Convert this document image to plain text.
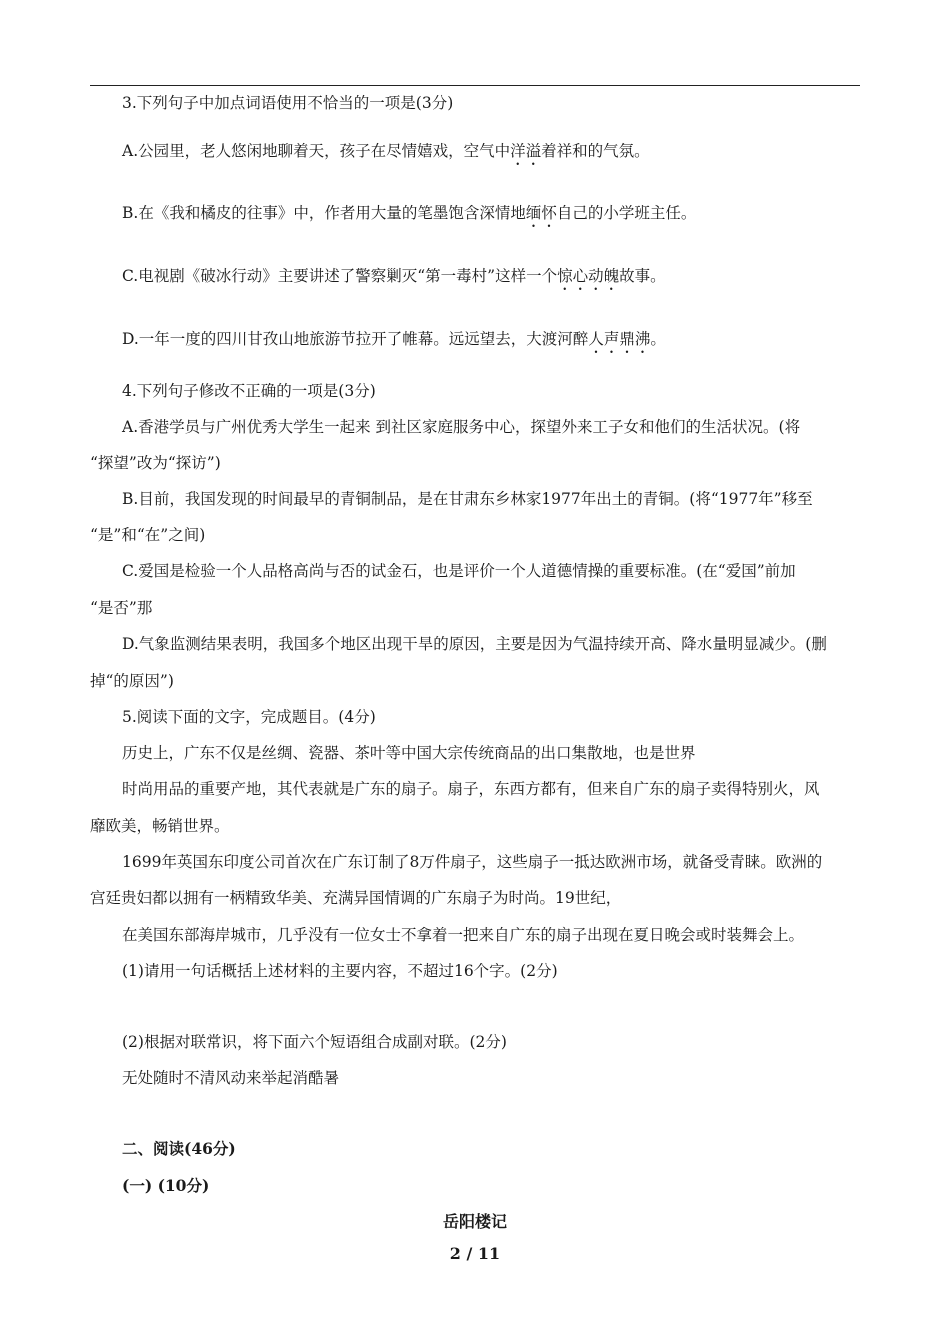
3.下列句子中加点词语使用不恰当的一项是(3分)
A.公园里，老人悠闲地聊着天，孩子在尽情嬉戏，空气中洋溢着祥和的气氛。
B.在《我和橘皮的往事》中，作者用大量的笔墨饱含深情地缅怀自己的小学班主任。
C.电视剧《破冰行动》主要讲述了警察剿灭“第一毒村”这样一个惊心动魄故事。
D.一年一度的四川甘孜山地旅游节拉开了帷幕。远远望去，大渡河醉人声鼎沸。
4.下列句子修改不正确的一项是(3分)
A.香港学员与广州优秀大学生一起来 到社区家庭服务中心，探望外来工子女和他们的生活状况。(将
“探望”改为“探访”)
B.目前，我国发现的时间最早的青铜制品，是在甘肃东乡林家1977年出土的青铜。(将“1977年”移至
“是”和“在”之间)
C.爱国是检验一个人品格高尚与否的试金石，也是评价一个人道德情操的重要标准。(在“爱国”前加
“是否”那
D.气象监测结果表明，我国多个地区出现干旱的原因，主要是因为气温持续开高、降水量明显减少。(删
掉“的原因”)
5.阅读下面的文字，完成题目。(4分)
历史上，广东不仅是丝绸、瓷器、茶叶等中国大宗传统商品的出口集散地，也是世界
时尚用品的重要产地，其代表就是广东的扇子。扇子，东西方都有，但来自广东的扇子卖得特别火，风
靡欧美，畅销世界。
1699年英国东印度公司首次在广东订制了8万件扇子，这些扇子一抵达欧洲市场，就备受青睐。欧洲的
宫廷贵妇都以拥有一柄精致华美、充满异国情调的广东扇子为时尚。19世纪，
在美国东部海岸城市，几乎没有一位女士不拿着一把来自广东的扇子出现在夏日晚会或时装舞会上。
(1)请用一句话概括上述材料的主要内容，不超过16个字。(2分)
(2)根据对联常识，将下面六个短语组合成副对联。(2分)
无处随时不清风动来举起消酷暑
二、阅读(46分)
(一) (10分)
岳阳楼记
2 / 11
